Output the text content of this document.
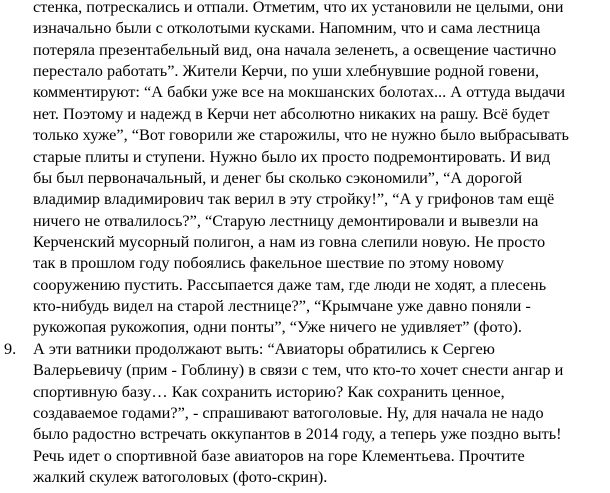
стенка, потрескались и отпали. Отметим, что их установили не целыми, они
изначально были с отколотыми кусками. Напомним, что и сама лестница
потеряла презентабельный вид, она начала зеленеть, а освещение частично
перестало работать”. Жители Керчи, по уши хлебнувшие родной говени,
комментируют: “А бабки уже все на мокшанских болотах... А оттуда выдачи
нет. Поэтому и надежд в Керчи нет абсолютно никаких на рашу. Всё будет
только хуже”, “Вот говорили же старожилы, что не нужно было выбрасывать
старые плиты и ступени. Нужно было их просто подремонтировать. И вид
бы был первоначальный, и денег бы сколько сэкономили”, “А дорогой
владимир владимирович так верил в эту стройку!”, “А у грифонов там ещё
ничего не отвалилось?”, “Старую лестницу демонтировали и вывезли на
Керченский мусорный полигон, а нам из говна слепили новую. Не просто
так в прошлом году побоялись факельное шествие по этому новому
сооружению пустить. Рассыпается даже там, где люди не ходят, а плесень
кто-нибудь видел на старой лестнице?”, “Крымчане уже давно поняли -
рукожопая рукожопия, одни понты”, “Уже ничего не удивляет” (фото).
9. А эти ватники продолжают выть: “Авиаторы обратились к Сергею
Валерьевичу (прим - Гоблину) в связи с тем, что кто-то хочет снести ангар и
спортивную базу… Как сохранить историю? Как сохранить ценное,
создаваемое годами?”, - спрашивают ватоголовые. Ну, для начала не надо
было радостно встречать оккупантов в 2014 году, а теперь уже поздно выть!
Речь идет о спортивной базе авиаторов на горе Клементьева. Прочтите
жалкий скулеж ватоголовых (фото-скрин).
